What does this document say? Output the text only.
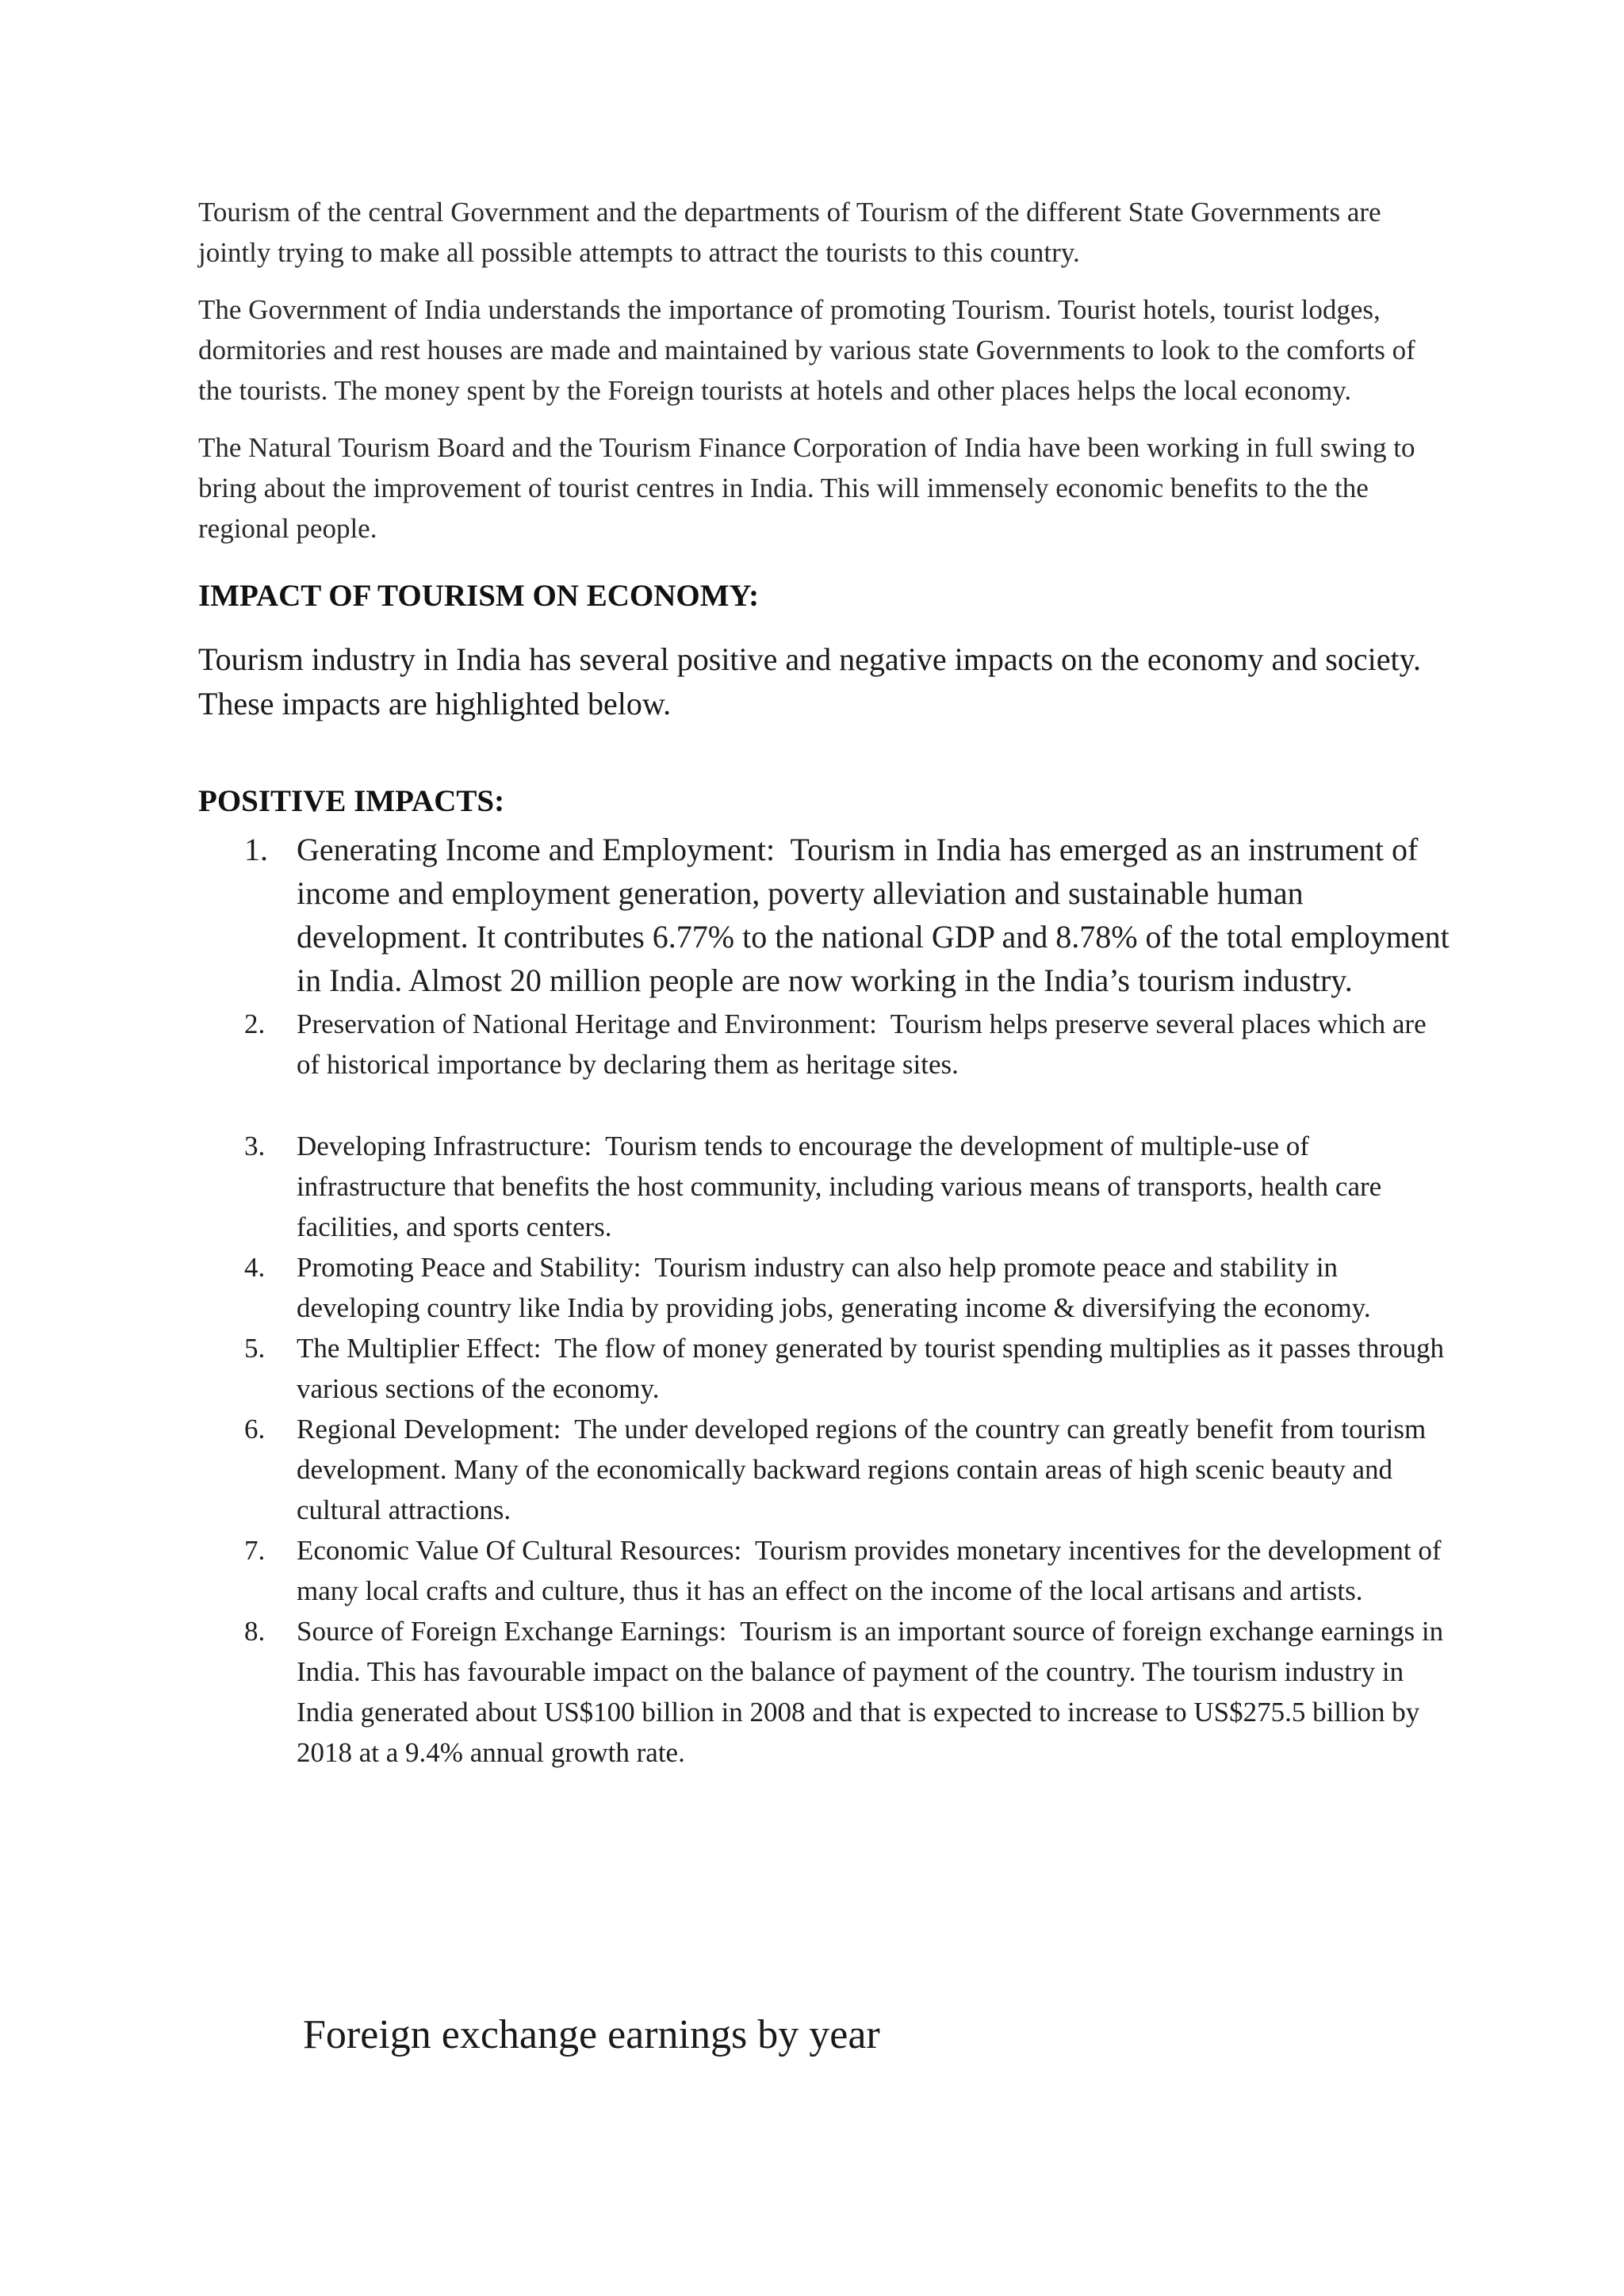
Tourism of the central Government and the departments of Tourism of the different State Governments are jointly trying to make all possible attempts to attract the tourists to this country.

The Government of India understands the importance of promoting Tourism. Tourist hotels, tourist lodges, dormitories and rest houses are made and maintained by various state Governments to look to the comforts of the tourists. The money spent by the Foreign tourists at hotels and other places helps the local economy.

The Natural Tourism Board and the Tourism Finance Corporation of India have been working in full swing to bring about the improvement of tourist centres in India. This will immensely economic benefits to the the regional people.

IMPACT OF TOURISM ON ECONOMY:

Tourism industry in India has several positive and negative impacts on the economy and society. These impacts are highlighted below.

POSITIVE IMPACTS:
1. Generating Income and Employment: Tourism in India has emerged as an instrument of income and employment generation, poverty alleviation and sustainable human development. It contributes 6.77% to the national GDP and 8.78% of the total employment in India. Almost 20 million people are now working in the India’s tourism industry.
2. Preservation of National Heritage and Environment: Tourism helps preserve several places which are of historical importance by declaring them as heritage sites.
3. Developing Infrastructure: Tourism tends to encourage the development of multiple-use of infrastructure that benefits the host community, including various means of transports, health care facilities, and sports centers.
4. Promoting Peace and Stability: Tourism industry can also help promote peace and stability in developing country like India by providing jobs, generating income & diversifying the economy.
5. The Multiplier Effect: The flow of money generated by tourist spending multiplies as it passes through various sections of the economy.
6. Regional Development: The under developed regions of the country can greatly benefit from tourism development. Many of the economically backward regions contain areas of high scenic beauty and cultural attractions.
7. Economic Value Of Cultural Resources: Tourism provides monetary incentives for the development of many local crafts and culture, thus it has an effect on the income of the local artisans and artists.
8. Source of Foreign Exchange Earnings: Tourism is an important source of foreign exchange earnings in India. This has favourable impact on the balance of payment of the country. The tourism industry in India generated about US$100 billion in 2008 and that is expected to increase to US$275.5 billion by 2018 at a 9.4% annual growth rate.
Foreign exchange earnings by year
